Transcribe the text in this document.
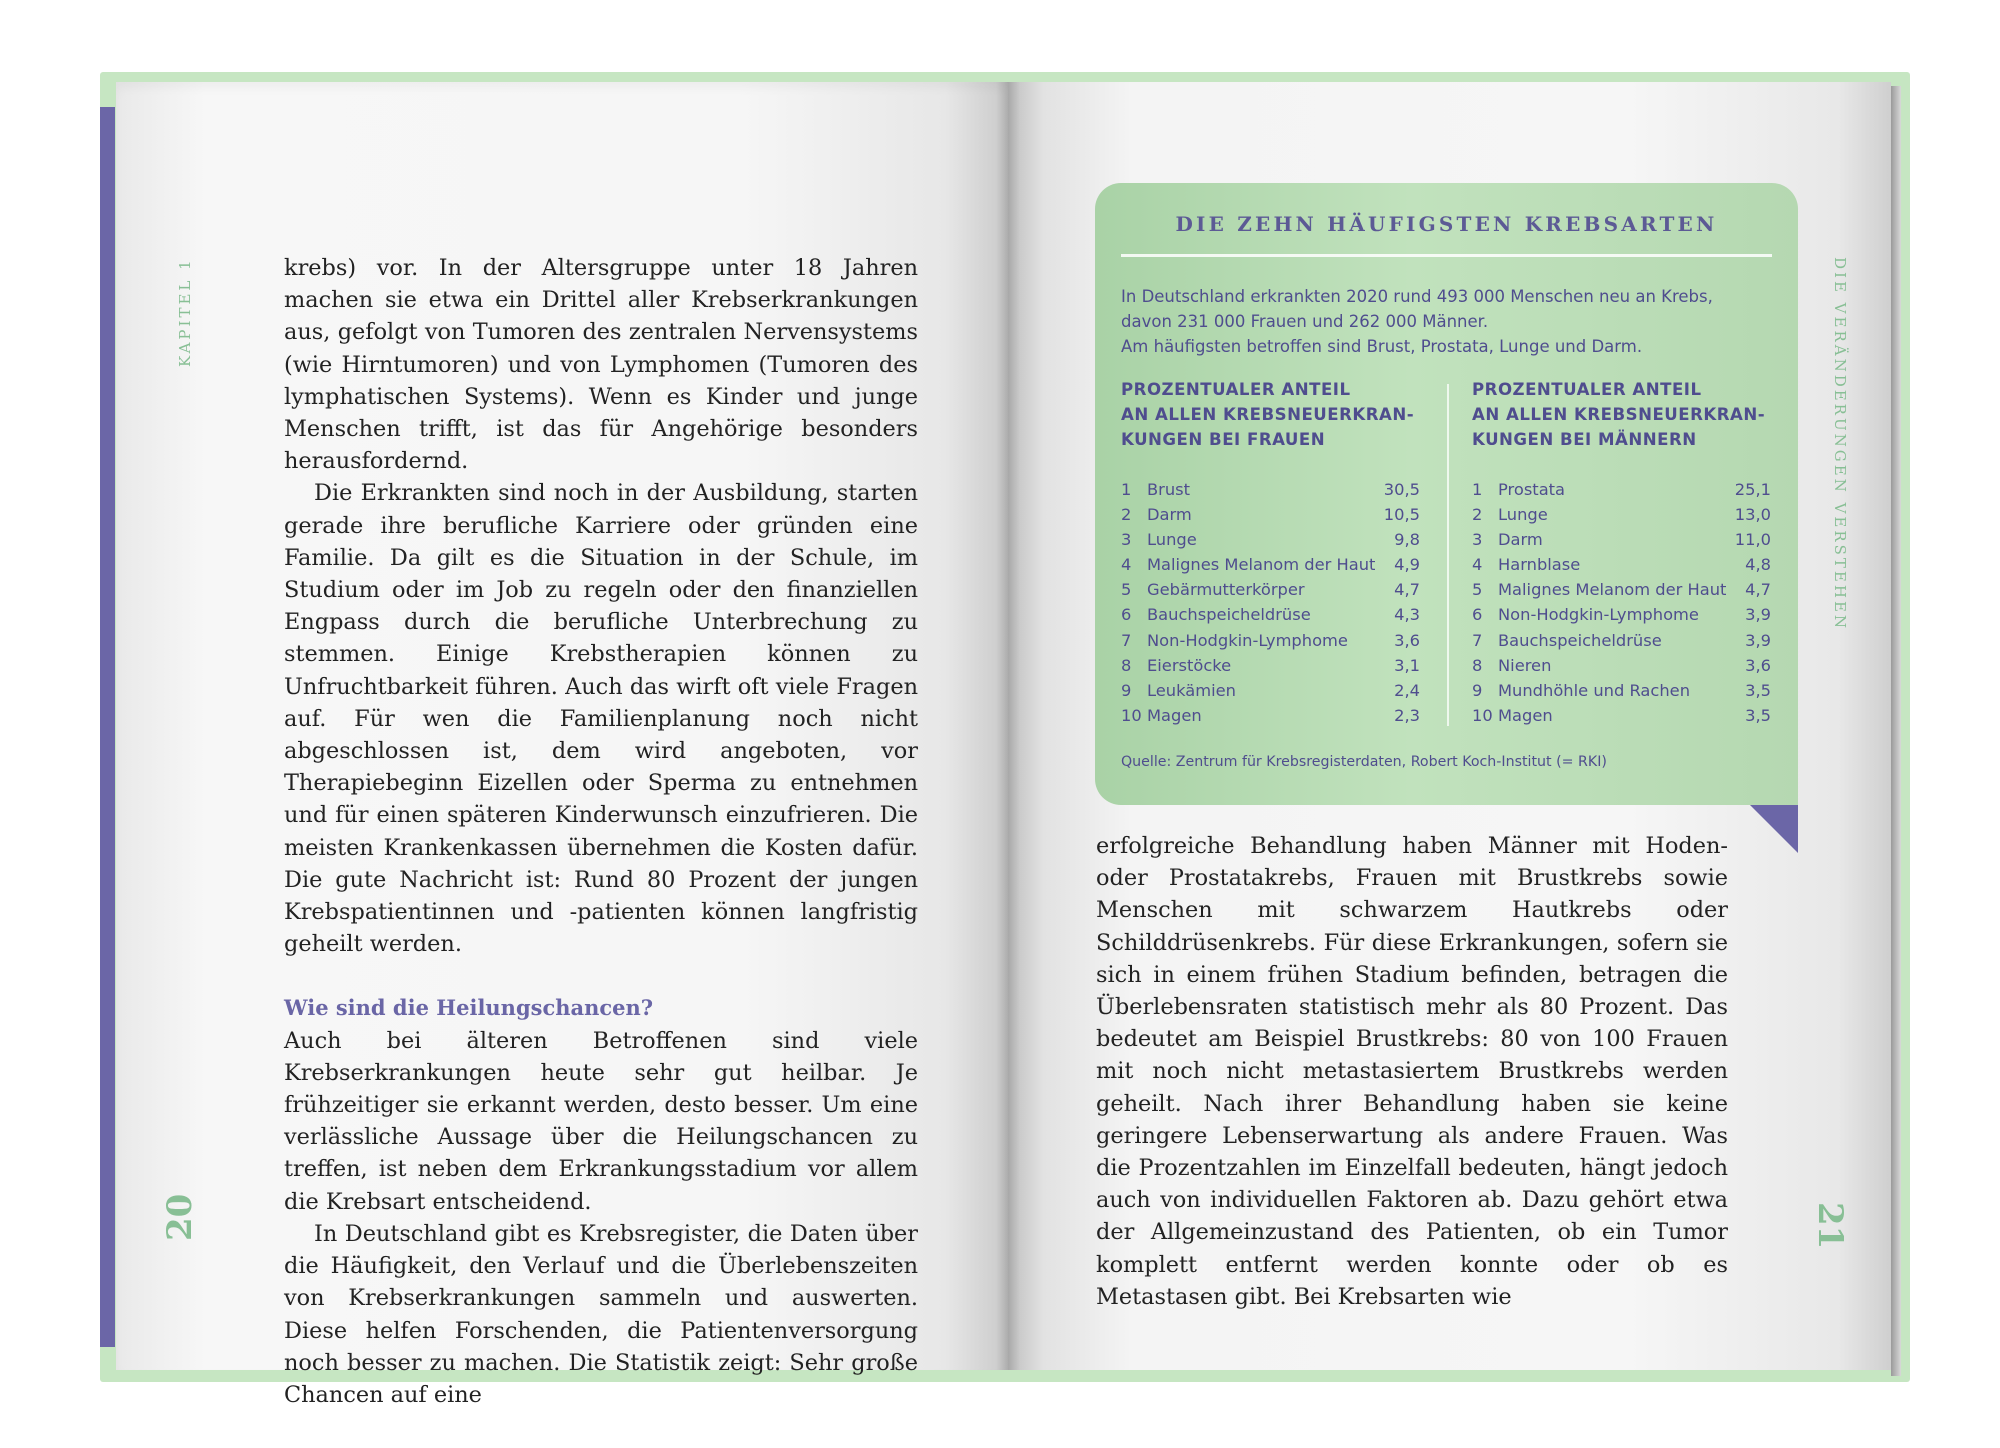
KAPITEL 1	DIE VERÄNDERUNGEN VERSTEHEN
20	21

krebs) vor. In der Altersgruppe unter 18 Jahren machen sie etwa ein Drittel aller Krebserkrankungen aus, gefolgt von Tumoren des zentralen Nervensystems (wie Hirntumoren) und von Lymphomen (Tumoren des lymphatischen Systems). Wenn es Kinder und junge Menschen trifft, ist das für Angehörige besonders herausfordernd.

Die Erkrankten sind noch in der Ausbildung, starten gerade ihre berufliche Karriere oder gründen eine Familie. Da gilt es die Situation in der Schule, im Studium oder im Job zu regeln oder den finanziellen Engpass durch die berufliche Unterbrechung zu stemmen. Einige Krebstherapien können zu Unfruchtbarkeit führen. Auch das wirft oft viele Fragen auf. Für wen die Familienplanung noch nicht abgeschlossen ist, dem wird angeboten, vor Therapiebeginn Eizellen oder Sperma zu entnehmen und für einen späteren Kinderwunsch einzufrieren. Die meisten Krankenkassen übernehmen die Kosten dafür. Die gute Nachricht ist: Rund 80 Prozent der jungen Krebspatientinnen und -patienten können langfristig geheilt werden.

Wie sind die Heilungschancen?

Auch bei älteren Betroffenen sind viele Krebserkrankungen heute sehr gut heilbar. Je frühzeitiger sie erkannt werden, desto besser. Um eine verlässliche Aussage über die Heilungschancen zu treffen, ist neben dem Erkrankungsstadium vor allem die Krebsart entscheidend.

In Deutschland gibt es Krebsregister, die Daten über die Häufigkeit, den Verlauf und die Überlebenszeiten von Krebserkrankungen sammeln und auswerten. Diese helfen Forschenden, die Patientenversorgung noch besser zu machen. Die Statistik zeigt: Sehr große Chancen auf eine

DIE ZEHN HÄUFIGSTEN KREBSARTEN
In Deutschland erkrankten 2020 rund 493 000 Menschen neu an Krebs,
davon 231 000 Frauen und 262 000 Männer.
Am häufigsten betroffen sind Brust, Prostata, Lunge und Darm.
PROZENTUALER ANTEIL
AN ALLEN KREBSNEUERKRAN-
KUNGEN BEI FRAUEN
1 Brust	30,5
2 Darm	10,5
3 Lunge	9,8
4 Malignes Melanom der Haut	4,9
5 Gebärmutterkörper	4,7
6 Bauchspeicheldrüse	4,3
7 Non-Hodgkin-Lymphome	3,6
8 Eierstöcke	3,1
9 Leukämien	2,4
10 Magen	2,3
PROZENTUALER ANTEIL
AN ALLEN KREBSNEUERKRAN-
KUNGEN BEI MÄNNERN
1 Prostata	25,1
2 Lunge	13,0
3 Darm	11,0
4 Harnblase	4,8
5 Malignes Melanom der Haut	4,7
6 Non-Hodgkin-Lymphome	3,9
7 Bauchspeicheldrüse	3,9
8 Nieren	3,6
9 Mundhöhle und Rachen	3,5
10 Magen	3,5
Quelle: Zentrum für Krebsregisterdaten, Robert Koch-Institut (= RKI)

erfolgreiche Behandlung haben Männer mit Hoden- oder Prostatakrebs, Frauen mit Brustkrebs sowie Menschen mit schwarzem Hautkrebs oder Schilddrüsenkrebs. Für diese Erkrankungen, sofern sie sich in einem frühen Stadium befinden, betragen die Überlebensraten statistisch mehr als 80 Prozent. Das bedeutet am Beispiel Brustkrebs: 80 von 100 Frauen mit noch nicht metastasiertem Brustkrebs werden geheilt. Nach ihrer Behandlung haben sie keine geringere Lebenserwartung als andere Frauen. Was die Prozentzahlen im Einzelfall bedeuten, hängt jedoch auch von individuellen Faktoren ab. Dazu gehört etwa der Allgemeinzustand des Patienten, ob ein Tumor komplett entfernt werden konnte oder ob es Metastasen gibt. Bei Krebsarten wie
